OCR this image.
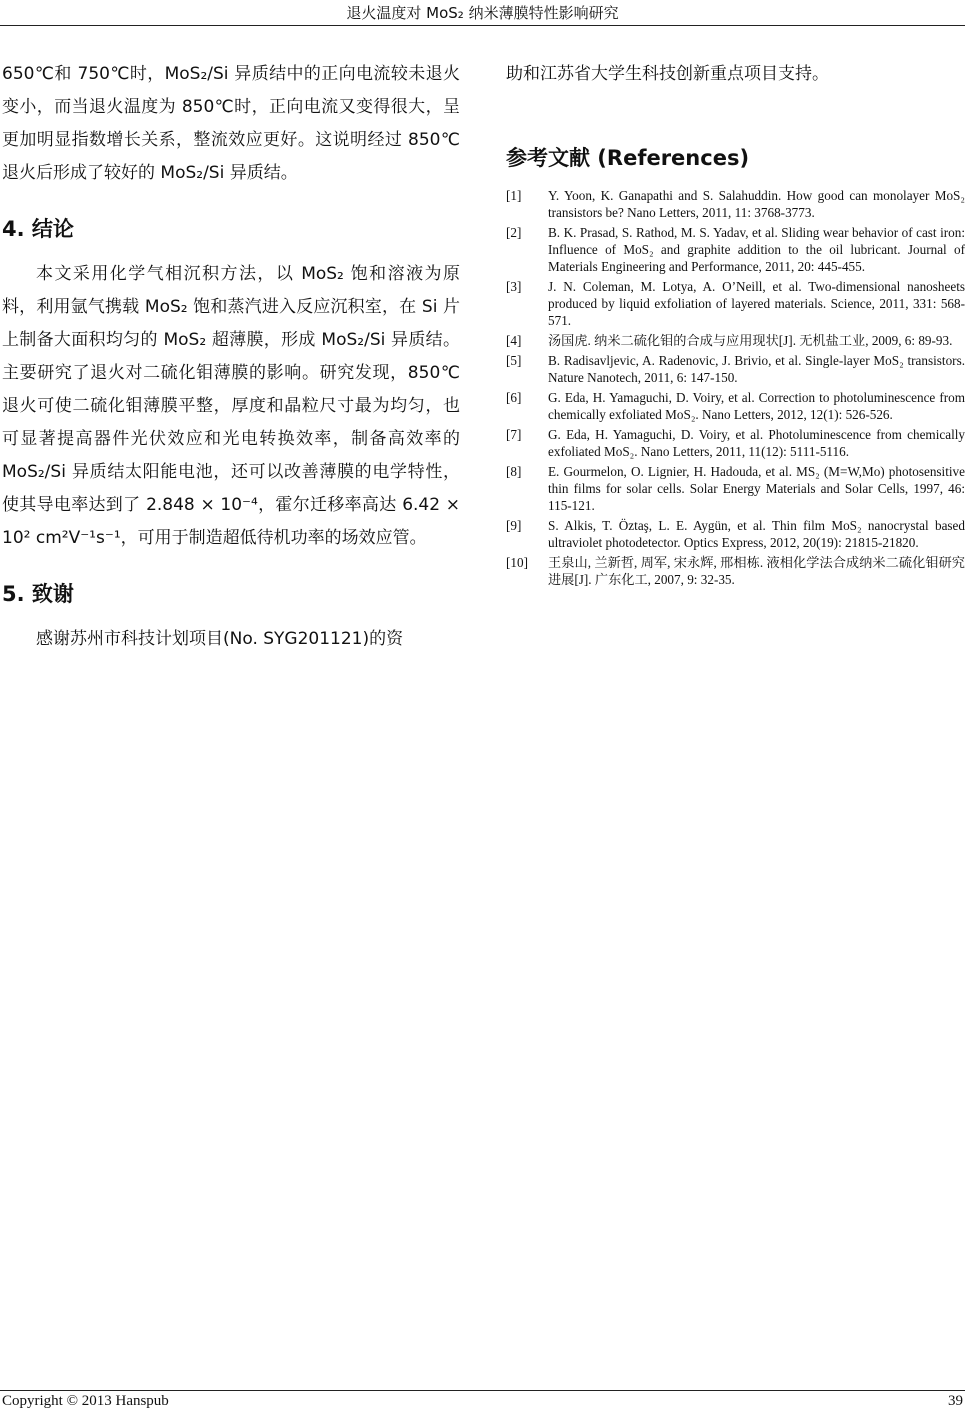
退火温度对 MoS₂ 纳米薄膜特性影响研究

650℃和 750℃时，MoS₂/Si 异质结中的正向电流较未退火变小，而当退火温度为 850℃时，正向电流又变得很大，呈更加明显指数增长关系，整流效应更好。这说明经过 850℃退火后形成了较好的 MoS₂/Si 异质结。

4. 结论

本文采用化学气相沉积方法，以 MoS₂ 饱和溶液为原料，利用氩气携载 MoS₂ 饱和蒸汽进入反应沉积室，在 Si 片上制备大面积均匀的 MoS₂ 超薄膜，形成 MoS₂/Si 异质结。主要研究了退火对二硫化钼薄膜的影响。研究发现，850℃退火可使二硫化钼薄膜平整，厚度和晶粒尺寸最为均匀，也可显著提高器件光伏效应和光电转换效率，制备高效率的 MoS₂/Si 异质结太阳能电池，还可以改善薄膜的电学特性，使其导电率达到了 2.848 × 10⁻⁴，霍尔迁移率高达 6.42 × 10² cm²V⁻¹s⁻¹，可用于制造超低待机功率的场效应管。

5. 致谢

感谢苏州市科技计划项目(No. SYG201121)的资

助和江苏省大学生科技创新重点项目支持。

参考文献 (References)
[1]	Y. Yoon, K. Ganapathi and S. Salahuddin. How good can monolayer MoS₂ transistors be? Nano Letters, 2011, 11: 3768-3773.
[2]	B. K. Prasad, S. Rathod, M. S. Yadav, et al. Sliding wear behavior of cast iron: Influence of MoS₂ and graphite addition to the oil lubricant. Journal of Materials Engineering and Performance, 2011, 20: 445-455.
[3]	J. N. Coleman, M. Lotya, A. O’Neill, et al. Two-dimensional nanosheets produced by liquid exfoliation of layered materials. Science, 2011, 331: 568-571.
[4]	汤国虎. 纳米二硫化钼的合成与应用现状[J]. 无机盐工业, 2009, 6: 89-93.
[5]	B. Radisavljevic, A. Radenovic, J. Brivio, et al. Single-layer MoS₂ transistors. Nature Nanotech, 2011, 6: 147-150.
[6]	G. Eda, H. Yamaguchi, D. Voiry, et al. Correction to photoluminescence from chemically exfoliated MoS₂. Nano Letters, 2012, 12(1): 526-526.
[7]	G. Eda, H. Yamaguchi, D. Voiry, et al. Photoluminescence from chemically exfoliated MoS₂. Nano Letters, 2011, 11(12): 5111-5116.
[8]	E. Gourmelon, O. Lignier, H. Hadouda, et al. MS₂ (M=W,Mo) photosensitive thin films for solar cells. Solar Energy Materials and Solar Cells, 1997, 46: 115-121.
[9]	S. Alkis, T. Öztaş, L. E. Aygün, et al. Thin film MoS₂ nanocrystal based ultraviolet photodetector. Optics Express, 2012, 20(19): 21815-21820.
[10]	王泉山, 兰新哲, 周军, 宋永辉, 邢相栋. 液相化学法合成纳米二硫化钼研究进展[J]. 广东化工, 2007, 9: 32-35.
Copyright © 2013 Hanspub	39
